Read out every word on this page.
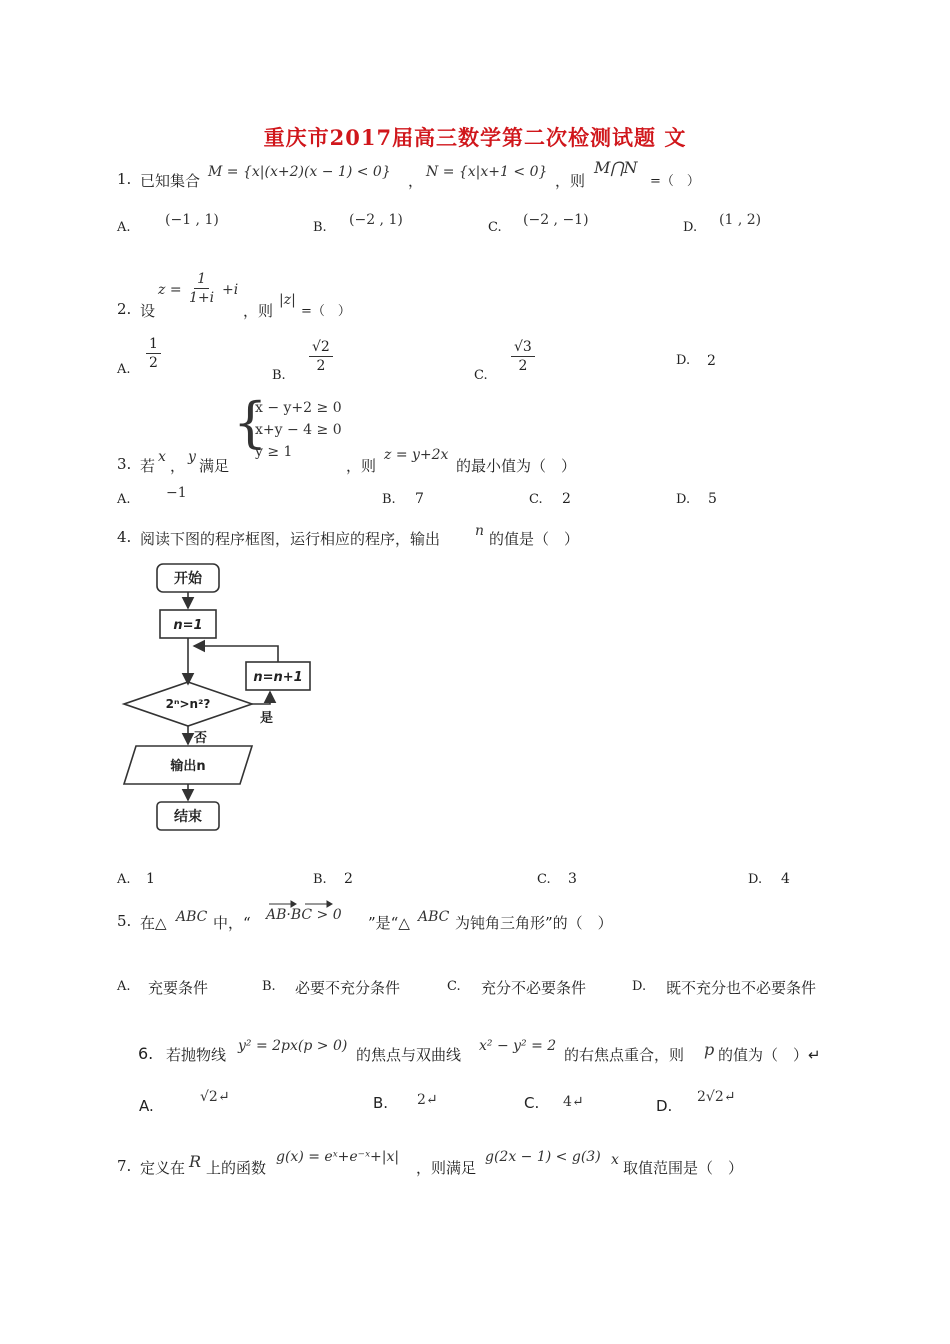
重庆市2017届高三数学第二次检测试题 文
1. 已知集合 M = {x|(x+2)(x − 1) < 0} ， N = {x|x+1 < 0} ，则
M⋂N
=（　）
A. (−1 , 1)	B. (−2 , 1)	C. (−2 , −1)	D. (1 , 2)
2. 设
$z = \frac{1}{1+i} +i$
，则
|z|
=（　）
A. $\frac{1}{2}$
B.
$\frac{√2}{2}$
C.
$\frac{√3}{2}$	D. 2
3. 若 x ， y 满足
{
x − y+2 ≥ 0
x+y − 4 ≥ 0
y ≥ 1
，则
z = y+2x
的最小值为（　）
A.	−1	B. 7	C. 2	D. 5
4. 阅读下图的程序框图，运行相应的程序，输出 n 的值是（　）
开始
n=1
n=n+1
2ⁿ>n²?
是
否
输出n
结束
A. 1	B. 2	C. 3	D. 4
5. 在△ ABC 中，“ AB·BC > 0 ”是“△ ABC 为钝角三角形”的（　）
A. 充要条件	B. 必要不充分条件	C. 充分不必要条件	D. 既不充分也不必要条件
6. 若抛物线 y² = 2px(p > 0) 的焦点与双曲线 x² − y² = 2 的右焦点重合，则 p 的值为（　）↵
A.	√2↵	B. 2↵	C. 4↵	D. 2√2↵
7. 定义在 R 上的函数
g(x) = eˣ+e⁻ˣ+|x|
，则满足
g(2x − 1) < g(3) x 取值范围是（　）
